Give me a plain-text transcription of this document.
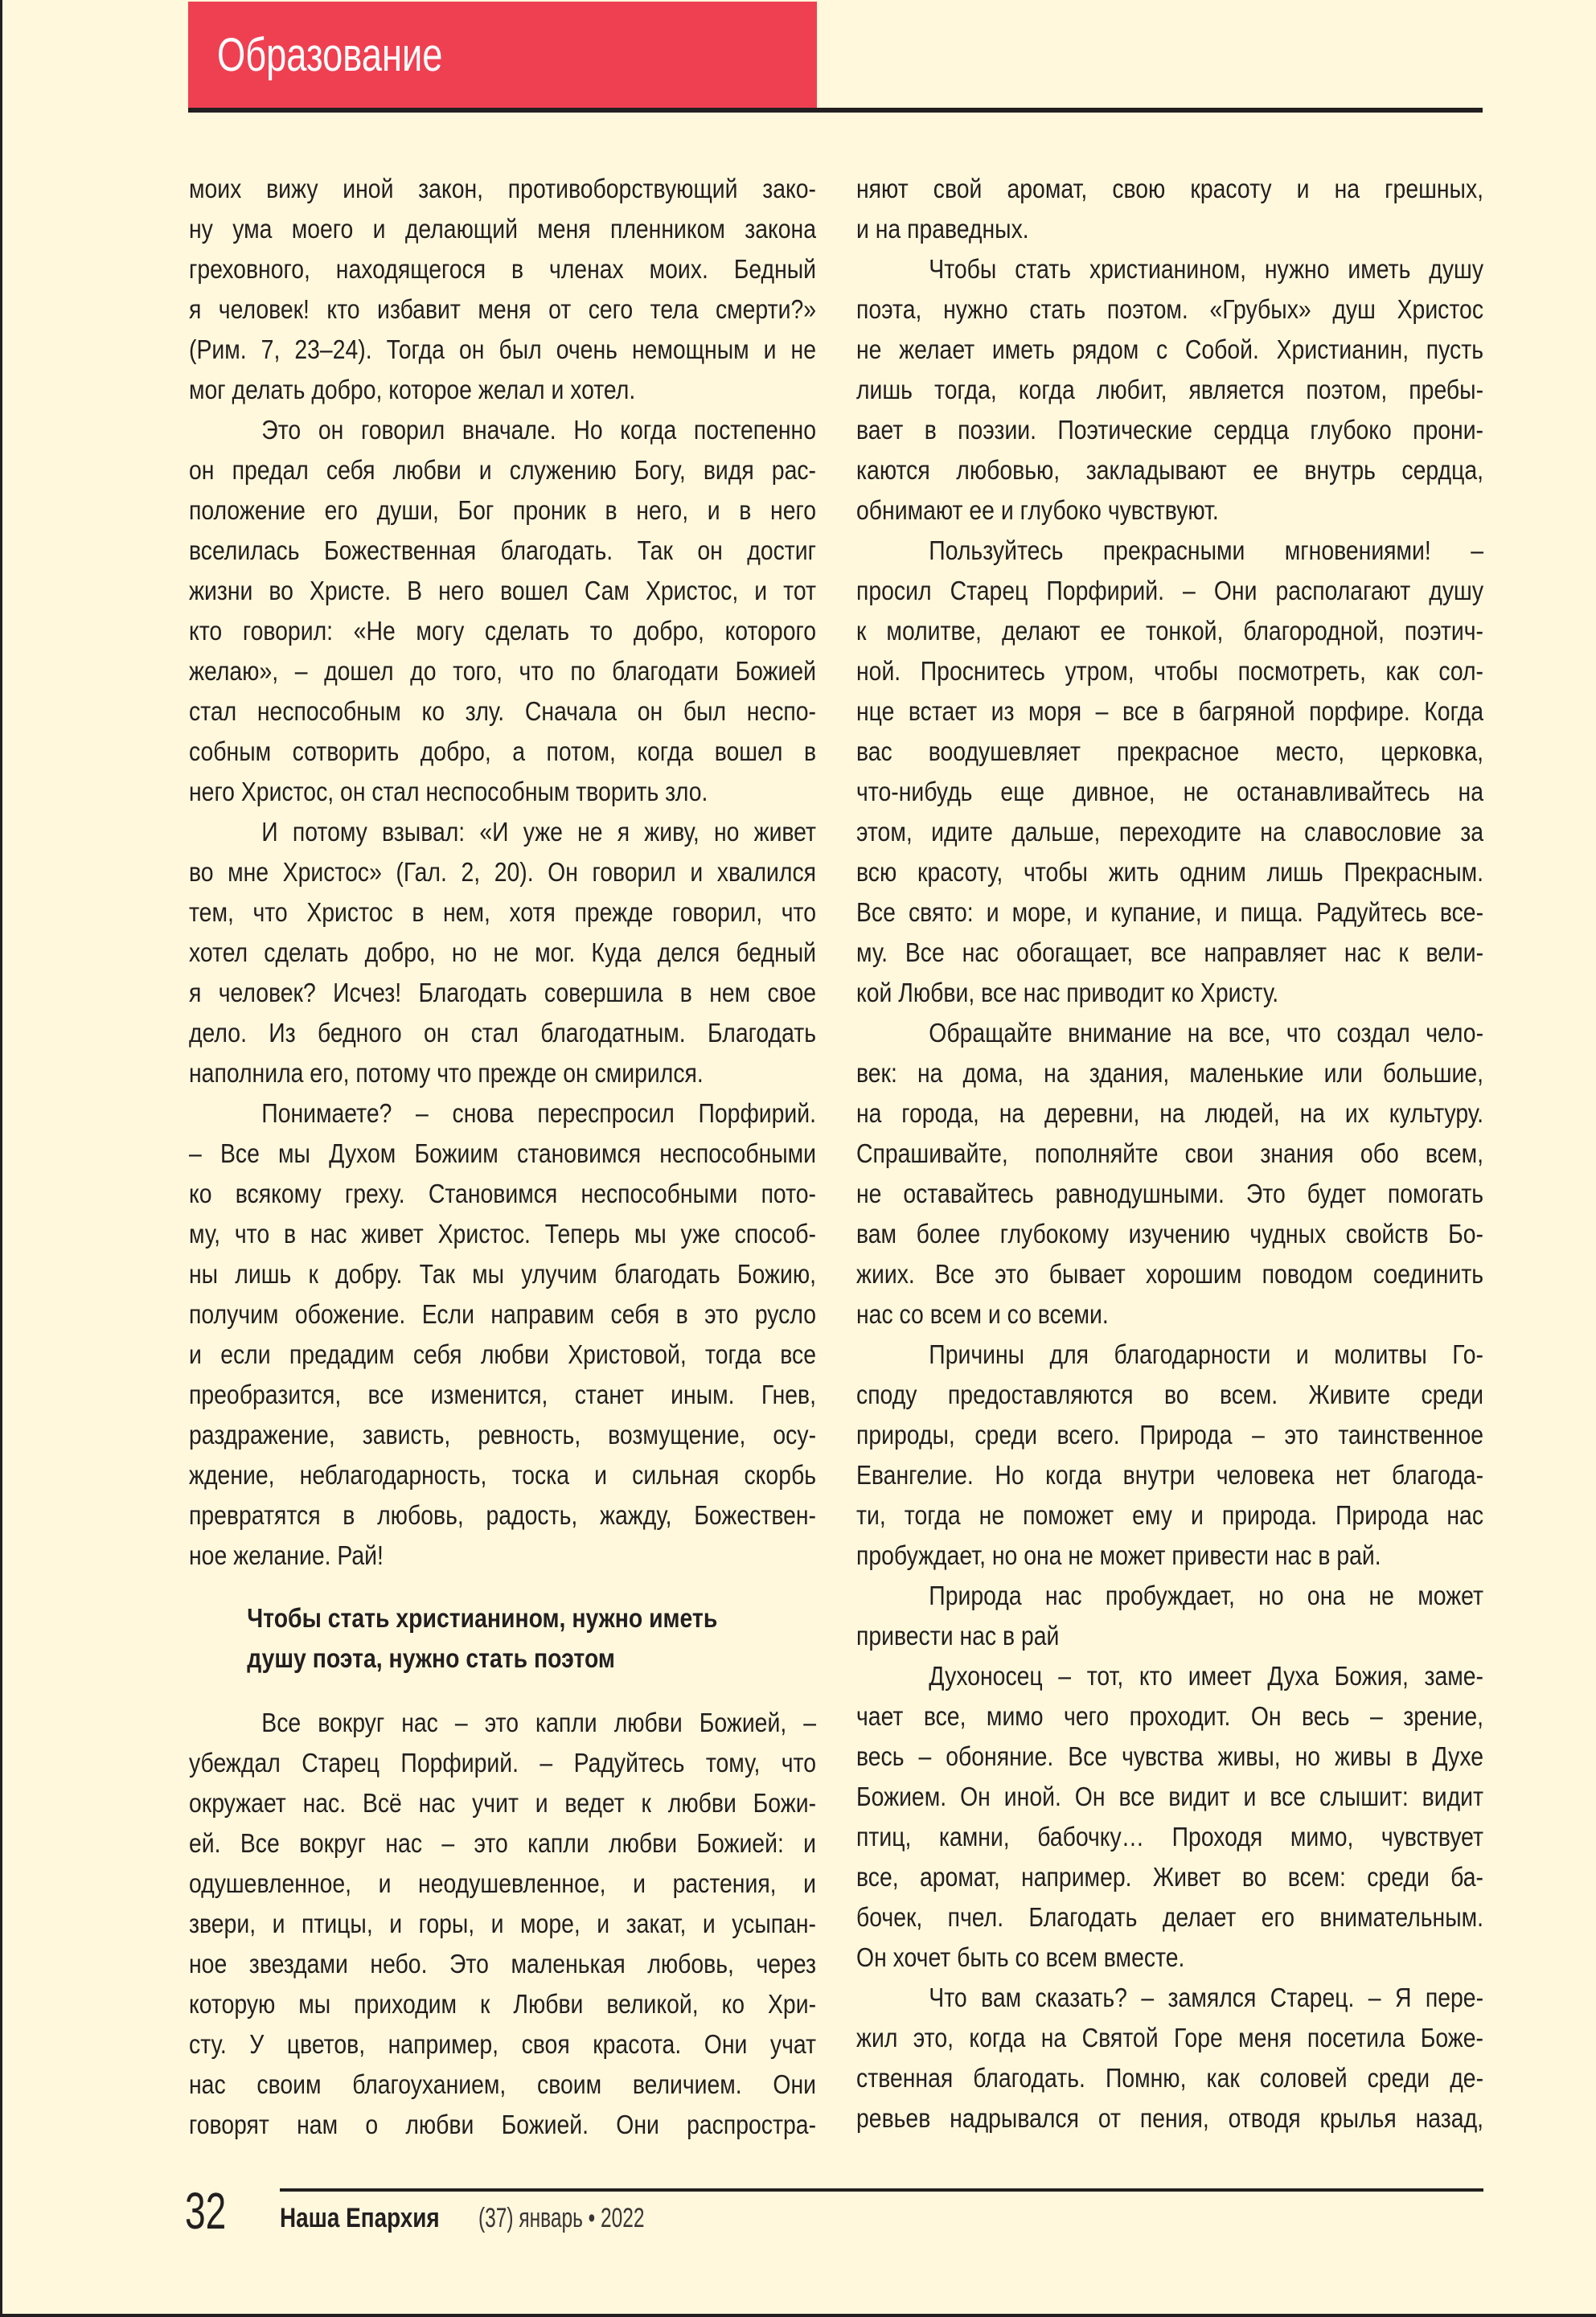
Образование
моих вижу иной закон, противоборствующий зако-
ну ума моего и делающий меня пленником закона
греховного, находящегося в членах моих. Бедный
я человек! кто избавит меня от сего тела смерти?»
(Рим. 7, 23–24). Тогда он был очень немощным и не
мог делать добро, которое желал и хотел.
Это он говорил вначале. Но когда постепенно
он предал себя любви и служению Богу, видя рас-
положение его души, Бог проник в него, и в него
вселилась Божественная благодать. Так он достиг
жизни во Христе. В него вошел Сам Христос, и тот
кто говорил: «Не могу сделать то добро, которого
желаю», – дошел до того, что по благодати Божией
стал неспособным ко злу. Сначала он был неспо-
собным сотворить добро, а потом, когда вошел в
него Христос, он стал неспособным творить зло.
И потому взывал: «И уже не я живу, но живет
во мне Христос» (Гал. 2, 20). Он говорил и хвалился
тем, что Христос в нем, хотя прежде говорил, что
хотел сделать добро, но не мог. Куда делся бедный
я человек? Исчез! Благодать совершила в нем свое
дело. Из бедного он стал благодатным. Благодать
наполнила его, потому что прежде он смирился.
Понимаете? – снова переспросил Порфирий.
– Все мы Духом Божиим становимся неспособными
ко всякому греху. Становимся неспособными пото-
му, что в нас живет Христос. Теперь мы уже способ-
ны лишь к добру. Так мы улучим благодать Божию,
получим обожение. Если направим себя в это русло
и если предадим себя любви Христовой, тогда все
преобразится, все изменится, станет иным. Гнев,
раздражение, зависть, ревность, возмущение, осу-
ждение, неблагодарность, тоска и сильная скорбь
превратятся в любовь, радость, жажду, Божествен-
ное желание. Рай!
Чтобы стать христианином, нужно иметь
душу поэта, нужно стать поэтом
Все вокруг нас – это капли любви Божией, –
убеждал Старец Порфирий. – Радуйтесь тому, что
окружает нас. Всё нас учит и ведет к любви Божи-
ей. Все вокруг нас – это капли любви Божией: и
одушевленное, и неодушевленное, и растения, и
звери, и птицы, и горы, и море, и закат, и усыпан-
ное звездами небо. Это маленькая любовь, через
которую мы приходим к Любви великой, ко Хри-
сту. У цветов, например, своя красота. Они учат
нас своим благоуханием, своим величием. Они
говорят нам о любви Божией. Они распростра-
няют свой аромат, свою красоту и на грешных,
и на праведных.
Чтобы стать христианином, нужно иметь душу
поэта, нужно стать поэтом. «Грубых» душ Христос
не желает иметь рядом с Собой. Христианин, пусть
лишь тогда, когда любит, является поэтом, пребы-
вает в поэзии. Поэтические сердца глубоко прони-
каются любовью, закладывают ее внутрь сердца,
обнимают ее и глубоко чувствуют.
Пользуйтесь прекрасными мгновениями! –
просил Старец Порфирий. – Они располагают душу
к молитве, делают ее тонкой, благородной, поэтич-
ной. Проснитесь утром, чтобы посмотреть, как сол-
нце встает из моря – все в багряной порфире. Когда
вас воодушевляет прекрасное место, церковка,
что-нибудь еще дивное, не останавливайтесь на
этом, идите дальше, переходите на славословие за
всю красоту, чтобы жить одним лишь Прекрасным.
Все свято: и море, и купание, и пища. Радуйтесь все-
му. Все нас обогащает, все направляет нас к вели-
кой Любви, все нас приводит ко Христу.
Обращайте внимание на все, что создал чело-
век: на дома, на здания, маленькие или большие,
на города, на деревни, на людей, на их культуру.
Спрашивайте, пополняйте свои знания обо всем,
не оставайтесь равнодушными. Это будет помогать
вам более глубокому изучению чудных свойств Бо-
жиих. Все это бывает хорошим поводом соединить
нас со всем и со всеми.
Причины для благодарности и молитвы Го-
споду предоставляются во всем. Живите среди
природы, среди всего. Природа – это таинственное
Евангелие. Но когда внутри человека нет благода-
ти, тогда не поможет ему и природа. Природа нас
пробуждает, но она не может привести нас в рай.
Природа нас пробуждает, но она не может
привести нас в рай
Духоносец – тот, кто имеет Духа Божия, заме-
чает все, мимо чего проходит. Он весь – зрение,
весь – обоняние. Все чувства живы, но живы в Духе
Божием. Он иной. Он все видит и все слышит: видит
птиц, камни, бабочку… Проходя мимо, чувствует
все, аромат, например. Живет во всем: среди ба-
бочек, пчел. Благодать делает его внимательным.
Он хочет быть со всем вместе.
Что вам сказать? – замялся Старец. – Я пере-
жил это, когда на Святой Горе меня посетила Боже-
ственная благодать. Помню, как соловей среди де-
ревьев надрывался от пения, отводя крылья назад,
32 Наша Епархия (37) январь • 2022
